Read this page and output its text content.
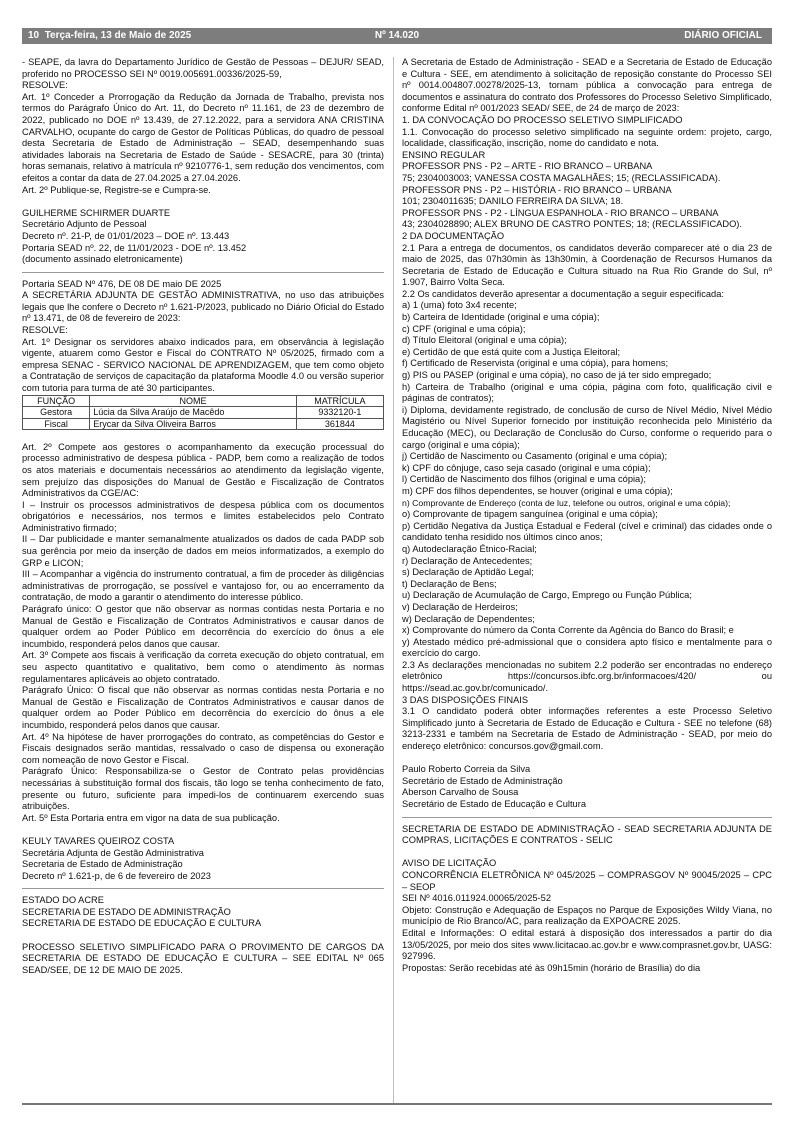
10 Terça-feira, 13 de Maio de 2025	Nº 14.020	DIÁRIO OFICIAL

- SEAPE, da lavra do Departamento Jurídico de Gestão de Pessoas – DEJUR/ SEAD, proferido no PROCESSO SEI Nº 0019.005691.00336/2025-59,

RESOLVE:

Art. 1º Conceder a Prorrogação da Redução da Jornada de Trabalho, prevista nos termos do Parágrafo Único do Art. 11, do Decreto nº 11.161, de 23 de dezembro de 2022, publicado no DOE nº 13.439, de 27.12.2022, para a servidora ANA CRISTINA CARVALHO, ocupante do cargo de Gestor de Políticas Públicas, do quadro de pessoal desta Secretaria de Estado de Administração – SEAD, desempenhando suas atividades laborais na Secretaria de Estado de Saúde - SESACRE, para 30 (trinta) horas semanais, relativo à matrícula nº 9210776-1, sem redução dos vencimentos, com efeitos a contar da data de 27.04.2025 a 27.04.2026.

Art. 2º Publique-se, Registre-se e Cumpra-se.

GUILHERME SCHIRMER DUARTE

Secretário Adjunto de Pessoal

Decreto nº. 21-P, de 01/01/2023 – DOE nº. 13.443

Portaria SEAD nº. 22, de 11/01/2023 - DOE nº. 13.452

(documento assinado eletronicamente)

Portaria SEAD Nº 476, DE 08 DE maio DE 2025

A SECRETÁRIA ADJUNTA DE GESTÃO ADMINISTRATIVA, no uso das atribuições legais que lhe confere o Decreto nº 1.621-P/2023, publicado no Diário Oficial do Estado nº 13.471, de 08 de fevereiro de 2023:

RESOLVE:

Art. 1º Designar os servidores abaixo indicados para, em observância à legislação vigente, atuarem como Gestor e Fiscal do CONTRATO Nº 05/2025, firmado com a empresa SENAC - SERVICO NACIONAL DE APRENDIZAGEM, que tem como objeto a Contratação de serviços de capacitação da plataforma Moodle 4.0 ou versão superior com tutoria para turma de até 30 participantes.

FUNÇÃO	NOME	MATRÍCULA
Gestora	Lúcia da Silva Araújo de Macêdo	9332120-1
Fiscal	Erycar da Silva Oliveira Barros	361844

Art. 2º Compete aos gestores o acompanhamento da execução processual do processo administrativo de despesa pública - PADP, bem como a realização de todos os atos materiais e documentais necessários ao atendimento da legislação vigente, sem prejuízo das disposições do Manual de Gestão e Fiscalização de Contratos Administrativos da CGE/AC:

I – Instruir os processos administrativos de despesa pública com os documentos obrigatórios e necessários, nos termos e limites estabelecidos pelo Contrato Administrativo firmado;

II – Dar publicidade e manter semanalmente atualizados os dados de cada PADP sob sua gerência por meio da inserção de dados em meios informatizados, a exemplo do GRP e LICON;

III – Acompanhar a vigência do instrumento contratual, a fim de proceder às diligências administrativas de prorrogação, se possível e vantajoso for, ou ao encerramento da contratação, de modo a garantir o atendimento do interesse público.

Parágrafo único: O gestor que não observar as normas contidas nesta Portaria e no Manual de Gestão e Fiscalização de Contratos Administrativos e causar danos de qualquer ordem ao Poder Público em decorrência do exercício do ônus a ele incumbido, responderá pelos danos que causar.

Art. 3º Compete aos fiscais à verificação da correta execução do objeto contratual, em seu aspecto quantitativo e qualitativo, bem como o atendimento às normas regulamentares aplicáveis ao objeto contratado.

Parágrafo Único: O fiscal que não observar as normas contidas nesta Portaria e no Manual de Gestão e Fiscalização de Contratos Administrativos e causar danos de qualquer ordem ao Poder Público em decorrência do exercício do ônus a ele incumbido, responderá pelos danos que causar.

Art. 4º Na hipótese de haver prorrogações do contrato, as competências do Gestor e Fiscais designados serão mantidas, ressalvado o caso de dispensa ou exoneração com nomeação de novo Gestor e Fiscal.

Parágrafo Único: Responsabiliza-se o Gestor de Contrato pelas providências necessárias à substituição formal dos fiscais, tão logo se tenha conhecimento de fato, presente ou futuro, suficiente para impedi-los de continuarem exercendo suas atribuições.

Art. 5º Esta Portaria entra em vigor na data de sua publicação.

KEULY TAVARES QUEIROZ COSTA

Secretária Adjunta de Gestão Administrativa

Secretaria de Estado de Administração

Decreto nº 1.621-p, de 6 de fevereiro de 2023

ESTADO DO ACRE

SECRETARIA DE ESTADO DE ADMINISTRAÇÃO

SECRETARIA DE ESTADO DE EDUCAÇÃO E CULTURA

PROCESSO SELETIVO SIMPLIFICADO PARA O PROVIMENTO DE CARGOS DA SECRETARIA DE ESTADO DE EDUCAÇÃO E CULTURA – SEE EDITAL Nº 065 SEAD/SEE, DE 12 DE MAIO DE 2025.

A Secretaria de Estado de Administração - SEAD e a Secretaria de Estado de Educação e Cultura - SEE, em atendimento à solicitação de reposição constante do Processo SEI nº 0014.004807.00278/2025-13, tornam pública a convocação para entrega de documentos e assinatura do contrato dos Professores do Processo Seletivo Simplificado, conforme Edital nº 001/2023 SEAD/ SEE, de 24 de março de 2023:

1. DA CONVOCAÇÃO DO PROCESSO SELETIVO SIMPLIFICADO

1.1. Convocação do processo seletivo simplificado na seguinte ordem: projeto, cargo, localidade, classificação, inscrição, nome do candidato e nota.

ENSINO REGULAR

PROFESSOR PNS - P2 – ARTE - RIO BRANCO – URBANA

75; 2304003003; VANESSA COSTA MAGALHÃES; 15; (RECLASSIFICADA).

PROFESSOR PNS - P2 – HISTÓRIA - RIO BRANCO – URBANA

101; 2304011635; DANILO FERREIRA DA SILVA; 18.

PROFESSOR PNS - P2 - LÍNGUA ESPANHOLA - RIO BRANCO – URBANA

43; 2304028890; ALEX BRUNO DE CASTRO PONTES; 18; (RECLASSIFICADO).

2 DA DOCUMENTAÇÃO

2.1 Para a entrega de documentos, os candidatos deverão comparecer até o dia 23 de maio de 2025, das 07h30min às 13h30min, à Coordenação de Recursos Humanos da Secretaria de Estado de Educação e Cultura situado na Rua Rio Grande do Sul, nº 1.907, Bairro Volta Seca.

2.2 Os candidatos deverão apresentar a documentação a seguir especificada:

a) 1 (uma) foto 3x4 recente;

b) Carteira de Identidade (original e uma cópia);

c) CPF (original e uma cópia);

d) Título Eleitoral (original e uma cópia);

e) Certidão de que está quite com a Justiça Eleitoral;

f) Certificado de Reservista (original e uma cópia), para homens;

g) PIS ou PASEP (original e uma cópia), no caso de já ter sido empregado;

h) Carteira de Trabalho (original e uma cópia, página com foto, qualificação civil e páginas de contratos);

i) Diploma, devidamente registrado, de conclusão de curso de Nível Médio, Nível Médio Magistério ou Nível Superior fornecido por instituição reconhecida pelo Ministério da Educação (MEC), ou Declaração de Conclusão do Curso, conforme o requerido para o cargo (original e uma cópia);

j) Certidão de Nascimento ou Casamento (original e uma cópia);

k) CPF do cônjuge, caso seja casado (original e uma cópia);

l) Certidão de Nascimento dos filhos (original e uma cópia);

m) CPF dos filhos dependentes, se houver (original e uma cópia);

n) Comprovante de Endereço (conta de luz, telefone ou outros, original e uma cópia);

o) Comprovante de tipagem sanguínea (original e uma cópia);

p) Certidão Negativa da Justiça Estadual e Federal (cível e criminal) das cidades onde o candidato tenha residido nos últimos cinco anos;

q) Autodeclaração Étnico-Racial;

r) Declaração de Antecedentes;

s) Declaração de Aptidão Legal;

t) Declaração de Bens;

u) Declaração de Acumulação de Cargo, Emprego ou Função Pública;

v) Declaração de Herdeiros;

w) Declaração de Dependentes;

x) Comprovante do número da Conta Corrente da Agência do Banco do Brasil; e

y) Atestado médico pré-admissional que o considera apto físico e mentalmente para o exercício do cargo.

2.3 As declarações mencionadas no subitem 2.2 poderão ser encontradas no endereço eletrônico https://concursos.ibfc.org.br/informacoes/420/ ou https://sead.ac.gov.br/comunicado/.

3 DAS DISPOSIÇÕES FINAIS

3.1 O candidato poderá obter informações referentes a este Processo Seletivo Simplificado junto à Secretaria de Estado de Educação e Cultura - SEE no telefone (68) 3213-2331 e também na Secretaria de Estado de Administração - SEAD, por meio do endereço eletrônico: concursos.gov@gmail.com.

Paulo Roberto Correia da Silva

Secretário de Estado de Administração

Aberson Carvalho de Sousa

Secretário de Estado de Educação e Cultura

SECRETARIA DE ESTADO DE ADMINISTRAÇÃO - SEAD SECRETARIA ADJUNTA DE COMPRAS, LICITAÇÕES E CONTRATOS - SELIC

AVISO DE LICITAÇÃO

CONCORRÊNCIA ELETRÔNICA Nº 045/2025 – COMPRASGOV Nº 90045/2025 – CPC – SEOP

SEI Nº 4016.011924.00065/2025-52

Objeto: Construção e Adequação de Espaços no Parque de Exposições Wildy Viana, no município de Rio Branco/AC, para realização da EXPOACRE 2025.

Edital e Informações: O edital estará à disposição dos interessados a partir do dia 13/05/2025, por meio dos sites www.licitacao.ac.gov.br e www.comprasnet.gov.br, UASG: 927996.

Propostas: Serão recebidas até às 09h15min (horário de Brasília) do dia
